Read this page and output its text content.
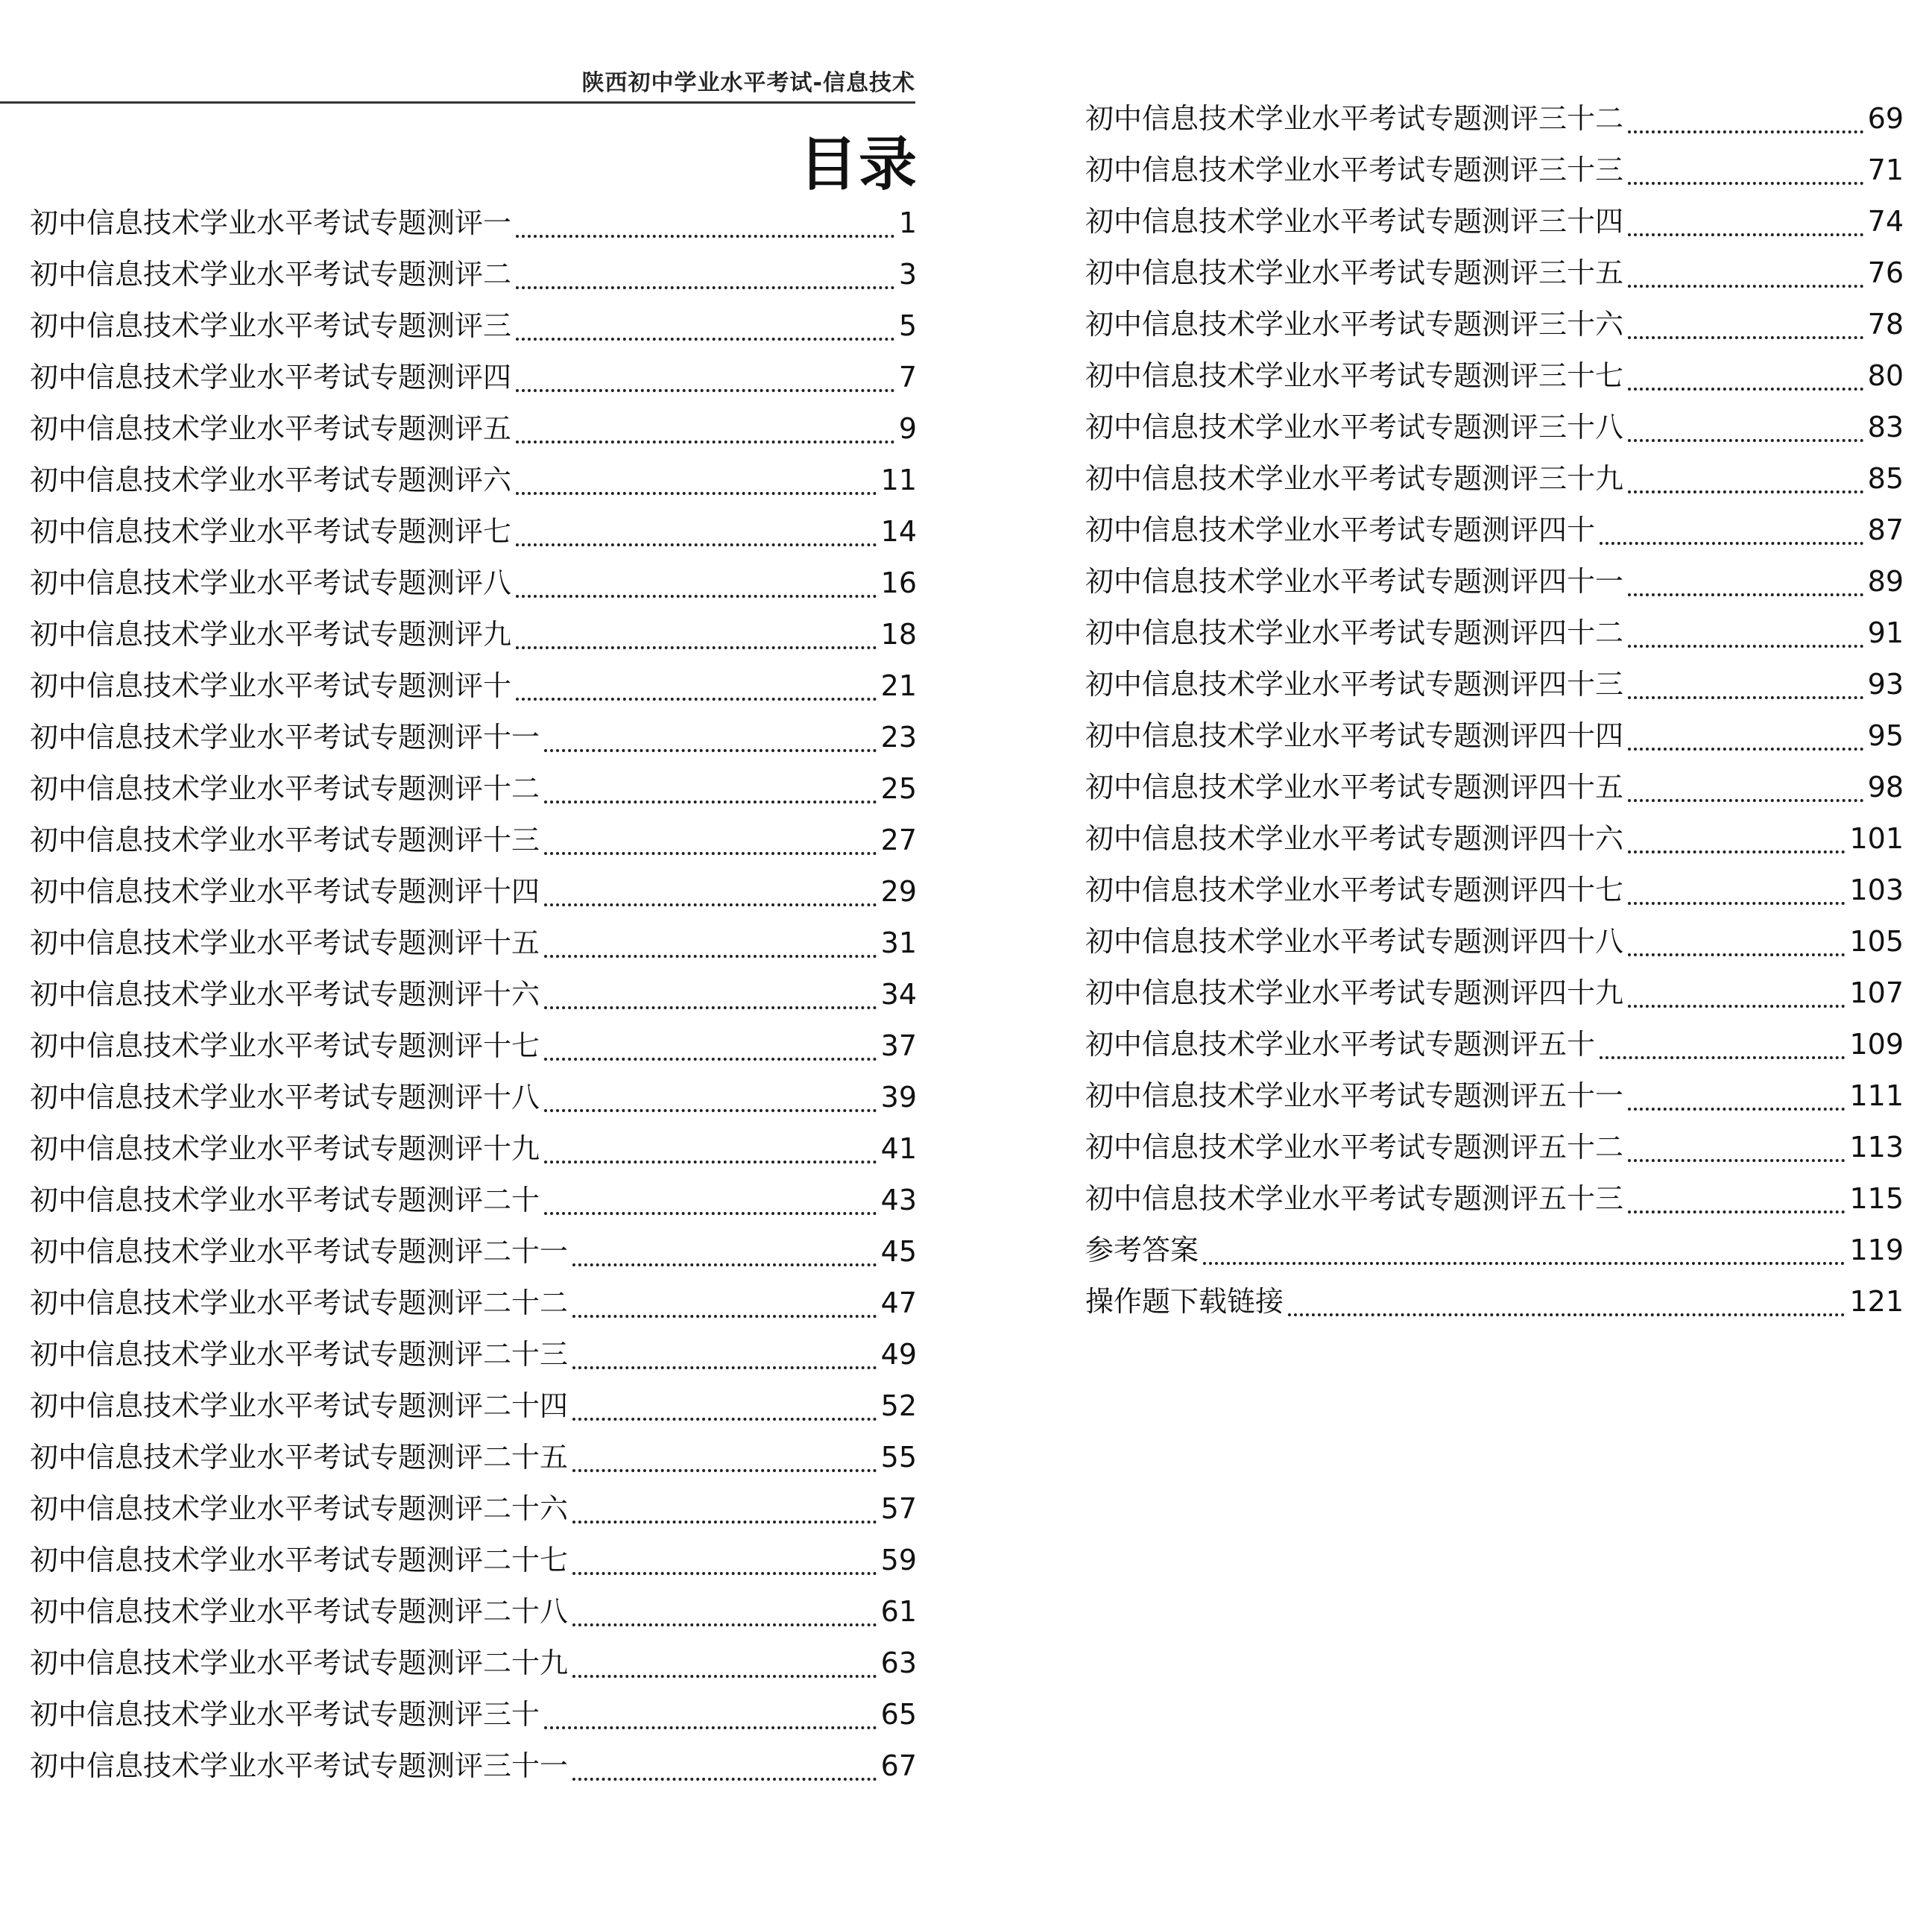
陕西初中学业水平考试-信息技术
目录
初中信息技术学业水平考试专题测评一	1
初中信息技术学业水平考试专题测评二	3
初中信息技术学业水平考试专题测评三	5
初中信息技术学业水平考试专题测评四	7
初中信息技术学业水平考试专题测评五	9
初中信息技术学业水平考试专题测评六	11
初中信息技术学业水平考试专题测评七	14
初中信息技术学业水平考试专题测评八	16
初中信息技术学业水平考试专题测评九	18
初中信息技术学业水平考试专题测评十	21
初中信息技术学业水平考试专题测评十一	23
初中信息技术学业水平考试专题测评十二	25
初中信息技术学业水平考试专题测评十三	27
初中信息技术学业水平考试专题测评十四	29
初中信息技术学业水平考试专题测评十五	31
初中信息技术学业水平考试专题测评十六	34
初中信息技术学业水平考试专题测评十七	37
初中信息技术学业水平考试专题测评十八	39
初中信息技术学业水平考试专题测评十九	41
初中信息技术学业水平考试专题测评二十	43
初中信息技术学业水平考试专题测评二十一	45
初中信息技术学业水平考试专题测评二十二	47
初中信息技术学业水平考试专题测评二十三	49
初中信息技术学业水平考试专题测评二十四	52
初中信息技术学业水平考试专题测评二十五	55
初中信息技术学业水平考试专题测评二十六	57
初中信息技术学业水平考试专题测评二十七	59
初中信息技术学业水平考试专题测评二十八	61
初中信息技术学业水平考试专题测评二十九	63
初中信息技术学业水平考试专题测评三十	65
初中信息技术学业水平考试专题测评三十一	67
初中信息技术学业水平考试专题测评三十二	69
初中信息技术学业水平考试专题测评三十三	71
初中信息技术学业水平考试专题测评三十四	74
初中信息技术学业水平考试专题测评三十五	76
初中信息技术学业水平考试专题测评三十六	78
初中信息技术学业水平考试专题测评三十七	80
初中信息技术学业水平考试专题测评三十八	83
初中信息技术学业水平考试专题测评三十九	85
初中信息技术学业水平考试专题测评四十	87
初中信息技术学业水平考试专题测评四十一	89
初中信息技术学业水平考试专题测评四十二	91
初中信息技术学业水平考试专题测评四十三	93
初中信息技术学业水平考试专题测评四十四	95
初中信息技术学业水平考试专题测评四十五	98
初中信息技术学业水平考试专题测评四十六	101
初中信息技术学业水平考试专题测评四十七	103
初中信息技术学业水平考试专题测评四十八	105
初中信息技术学业水平考试专题测评四十九	107
初中信息技术学业水平考试专题测评五十	109
初中信息技术学业水平考试专题测评五十一	111
初中信息技术学业水平考试专题测评五十二	113
初中信息技术学业水平考试专题测评五十三	115
参考答案	119
操作题下载链接	121
